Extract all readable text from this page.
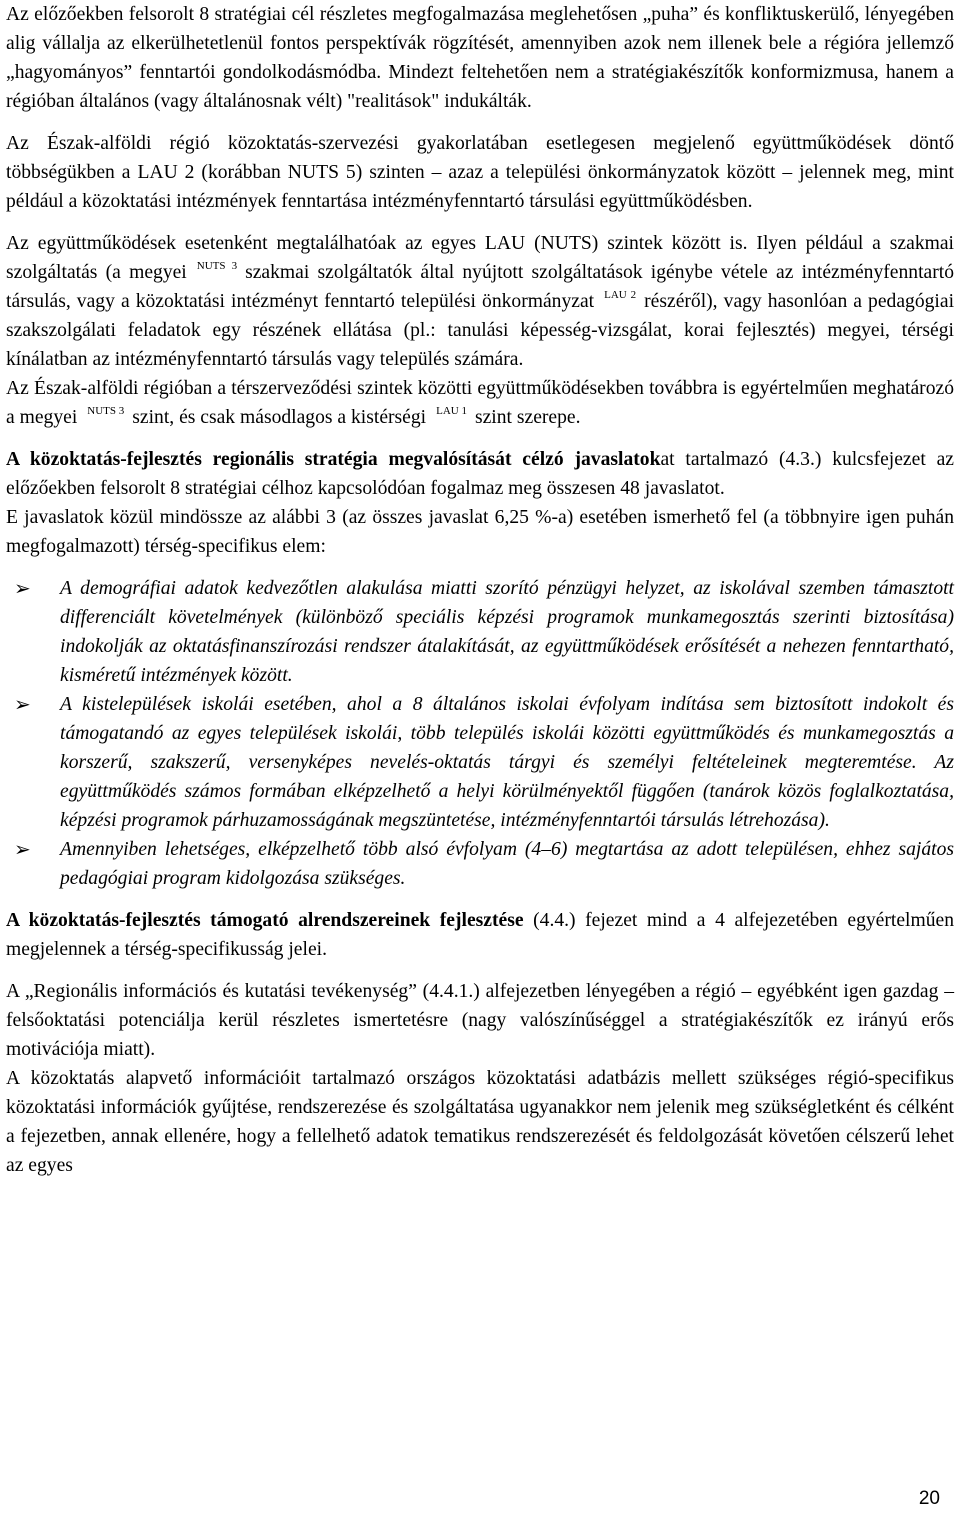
Az előzőekben felsorolt 8 stratégiai cél részletes megfogalmazása meglehetősen „puha” és konfliktuskerülő, lényegében alig vállalja az elkerülhetetlenül fontos perspektívák rögzítését, amennyiben azok nem illenek bele a régióra jellemző „hagyományos” fenntartói gondolkodásmódba. Mindezt feltehetően nem a stratégiakészítők konformizmusa, hanem a régióban általános (vagy általánosnak vélt) "realitások" indukálták.

Az Észak-alföldi régió közoktatás-szervezési gyakorlatában esetlegesen megjelenő együttműködések döntő többségükben a LAU 2 (korábban NUTS 5) szinten – azaz a települési önkormányzatok között – jelennek meg, mint például a közoktatási intézmények fenntartása intézményfenntartó társulási együttműködésben.

Az együttműködések esetenként megtalálhatóak az egyes LAU (NUTS) szintek között is. Ilyen például a szakmai szolgáltatás (a megyei $^{NUTS 3}$ szakmai szolgáltatók által nyújtott szolgáltatások igénybe vétele az intézményfenntartó társulás, vagy a közoktatási intézményt fenntartó települési önkormányzat $^{LAU 2}$ részéről), vagy hasonlóan a pedagógiai szakszolgálati feladatok egy részének ellátása (pl.: tanulási képesség-vizsgálat, korai fejlesztés) megyei, térségi kínálatban az intézményfenntartó társulás vagy település számára.

Az Észak-alföldi régióban a térszerveződési szintek közötti együttműködésekben továbbra is egyértelműen meghatározó a megyei $^{NUTS 3}$ szint, és csak másodlagos a kistérségi $^{LAU 1}$ szint szerepe.

A közoktatás-fejlesztés regionális stratégia megvalósítását célzó javaslatokat tartalmazó (4.3.) kulcsfejezet az előzőekben felsorolt 8 stratégiai célhoz kapcsolódóan fogalmaz meg összesen 48 javaslatot.

E javaslatok közül mindössze az alábbi 3 (az összes javaslat 6,25 %-a) esetében ismerhető fel (a többnyire igen puhán megfogalmazott) térség-specifikus elem:

➢ A demográfiai adatok kedvezőtlen alakulása miatti szorító pénzügyi helyzet, az iskolával szemben támasztott differenciált követelmények (különböző speciális képzési programok munkamegosztás szerinti biztosítása) indokolják az oktatásfinanszírozási rendszer átalakítását, az együttműködések erősítését a nehezen fenntartható, kisméretű intézmények között.
➢ A kistelepülések iskolái esetében, ahol a 8 általános iskolai évfolyam indítása sem biztosított indokolt és támogatandó az egyes települések iskolái, több település iskolái közötti együttműködés és munkamegosztás a korszerű, szakszerű, versenyképes nevelés-oktatás tárgyi és személyi feltételeinek megteremtése. Az együttműködés számos formában elképzelhető a helyi körülményektől függően (tanárok közös foglalkoztatása, képzési programok párhuzamosságának megszüntetése, intézményfenntartói társulás létrehozása).
➢ Amennyiben lehetséges, elképzelhető több alsó évfolyam (4–6) megtartása az adott településen, ehhez sajátos pedagógiai program kidolgozása szükséges.

A közoktatás-fejlesztés támogató alrendszereinek fejlesztése (4.4.) fejezet mind a 4 alfejezetében egyértelműen megjelennek a térség-specifikusság jelei.

A „Regionális információs és kutatási tevékenység” (4.4.1.) alfejezetben lényegében a régió – egyébként igen gazdag – felsőoktatási potenciálja kerül részletes ismertetésre (nagy valószínűséggel a stratégiakészítők ez irányú erős motivációja miatt).

A közoktatás alapvető információit tartalmazó országos közoktatási adatbázis mellett szükséges régió-specifikus közoktatási információk gyűjtése, rendszerezése és szolgáltatása ugyanakkor nem jelenik meg szükségletként és célként a fejezetben, annak ellenére, hogy a fellelhető adatok tematikus rendszerezését és feldolgozását követően célszerű lehet az egyes

20
